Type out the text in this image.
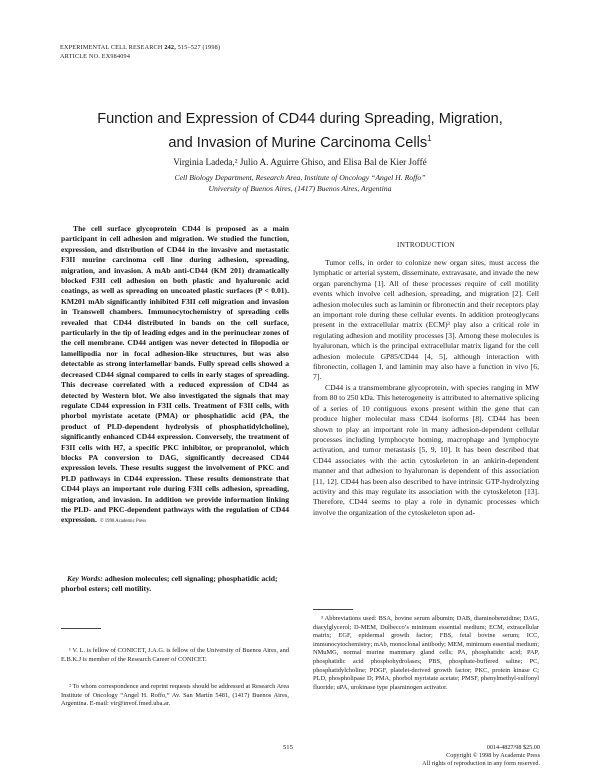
EXPERIMENTAL CELL RESEARCH 242, 515–527 (1998)
ARTICLE NO. EX984094
Function and Expression of CD44 during Spreading, Migration,
and Invasion of Murine Carcinoma Cells$^1$
Virginia Ladeda,² Julio A. Aguirre Ghiso, and Elisa Bal de Kier Joffé
Cell Biology Department, Research Area, Institute of Oncology “Angel H. Roffo”
University of Buenos Aires, (1417) Buenos Aires, Argentina
The cell surface glycoprotein CD44 is proposed as a main participant in cell adhesion and migration. We studied the function, expression, and distribution of CD44 in the invasive and metastatic F3II murine carcinoma cell line during adhesion, spreading, migration, and invasion. A mAb anti-CD44 (KM 201) dramatically blocked F3II cell adhesion on both plastic and hyaluronic acid coatings, as well as spreading on uncoated plastic surfaces (P < 0.01). KM201 mAb significantly inhibited F3II cell migration and invasion in Transwell chambers. Immunocytochemistry of spreading cells revealed that CD44 distributed in bands on the cell surface, particularly in the tip of leading edges and in the perinuclear zones of the cell membrane. CD44 antigen was never detected in filopodia or lamellipodia nor in focal adhesion-like structures, but was also detectable as strong interlamellar bands. Fully spread cells showed a decreased CD44 signal compared to cells in early stages of spreading. This decrease correlated with a reduced expression of CD44 as detected by Western blot. We also investigated the signals that may regulate CD44 expression in F3II cells. Treatment of F3II cells, with phorbol myristate acetate (PMA) or phosphatidic acid (PA, the product of PLD-dependent hydrolysis of phosphatidylcholine), significantly enhanced CD44 expression. Conversely, the treatment of F3II cells with H7, a specific PKC inhibitor, or propranolol, which blocks PA conversion to DAG, significantly decreased CD44 expression levels. These results suggest the involvement of PKC and PLD pathways in CD44 expression. These results demonstrate that CD44 plays an important role during F3II cells adhesion, spreading, migration, and invasion. In addition we provide information linking the PLD- and PKC-dependent pathways with the regulation of CD44 expression. © 1998 Academic Press
Key Words: adhesion molecules; cell signaling; phosphatidic acid; phorbol esters; cell motility.
¹ V. L. is fellow of CONICET, J.A.G. is fellow of the University of Buenos Aires, and E.B.K.J is member of the Research Career of CONICET.
² To whom correspondence and reprint requests should be addressed at Research Area Institute of Oncology “Angel H. Roffo,” Av. San Martín 5481, (1417) Buenos Aires, Argentina. E-mail: vir@invof.fmed.uba.ar.
INTRODUCTION

Tumor cells, in order to colonize new organ sites, must access the lymphatic or arterial system, disseminate, extravasate, and invade the new organ parenchyma [1]. All of these processes require of cell motility events which involve cell adhesion, spreading, and migration [2]. Cell adhesion molecules such as laminin or fibronectin and their receptors play an important role during these cellular events. In addition proteoglycans present in the extracellular matrix (ECM)³ play also a critical role in regulating adhesion and motility processes [3]. Among these molecules is hyaluronan, which is the principal extracellular matrix ligand for the cell adhesion molecule GP85/CD44 [4, 5], although interaction with fibronectin, collagen I, and laminin may also have a function in vivo [6, 7].

CD44 is a transmembrane glycoprotein, with species ranging in MW from 80 to 250 kDa. This heterogeneity is attributed to alternative splicing of a series of 10 contiguous exons present within the gene that can produce higher molecular mass CD44 isoforms [8]. CD44 has been shown to play an important role in many adhesion-dependent cellular processes including lymphocyte homing, macrophage and lymphocyte activation, and tumor metastasis [5, 9, 10]. It has been described that CD44 associates with the actin cytoskeleton in an ankirin-dependent manner and that adhesion to hyaluronan is dependent of this association [11, 12]. CD44 has been also described to have intrinsic GTP-hydrolyzing activity and this may regulate its association with the cytoskeleton [13]. Therefore, CD44 seems to play a role in dynamic processes which involve the organization of the cytoskeleton upon ad-

³ Abbreviations used: BSA, bovine serum albumin; DAB, diaminobenzidine; DAG, diacylglycerol; D-MEM, Dulbecco’s minimum essential medium; ECM, extracellular matrix; EGF, epidermal growth factor; FBS, fetal bovine serum; ICC, immunocytochemistry; mAb, monoclonal antibody; MEM, minimum essential medium; NMuMG, normal murine mammary gland cells; PA, phosphatidic acid; PAP, phosphatidic acid phosphohydrolases; PBS, phosphate-buffered saline; PC, phosphatidylcholine; PDGF, platelet-derived growth factor; PKC, protein kinase C; PLD, phospholipase D; PMA, phorbol myristate acetate; PMSF, phenylmethyl-sulfonyl fluoride; uPA, urokinase type plasminogen activator.
515	0014-4827/98 $25.00
Copyright © 1998 by Academic Press
All rights of reproduction in any form reserved.
